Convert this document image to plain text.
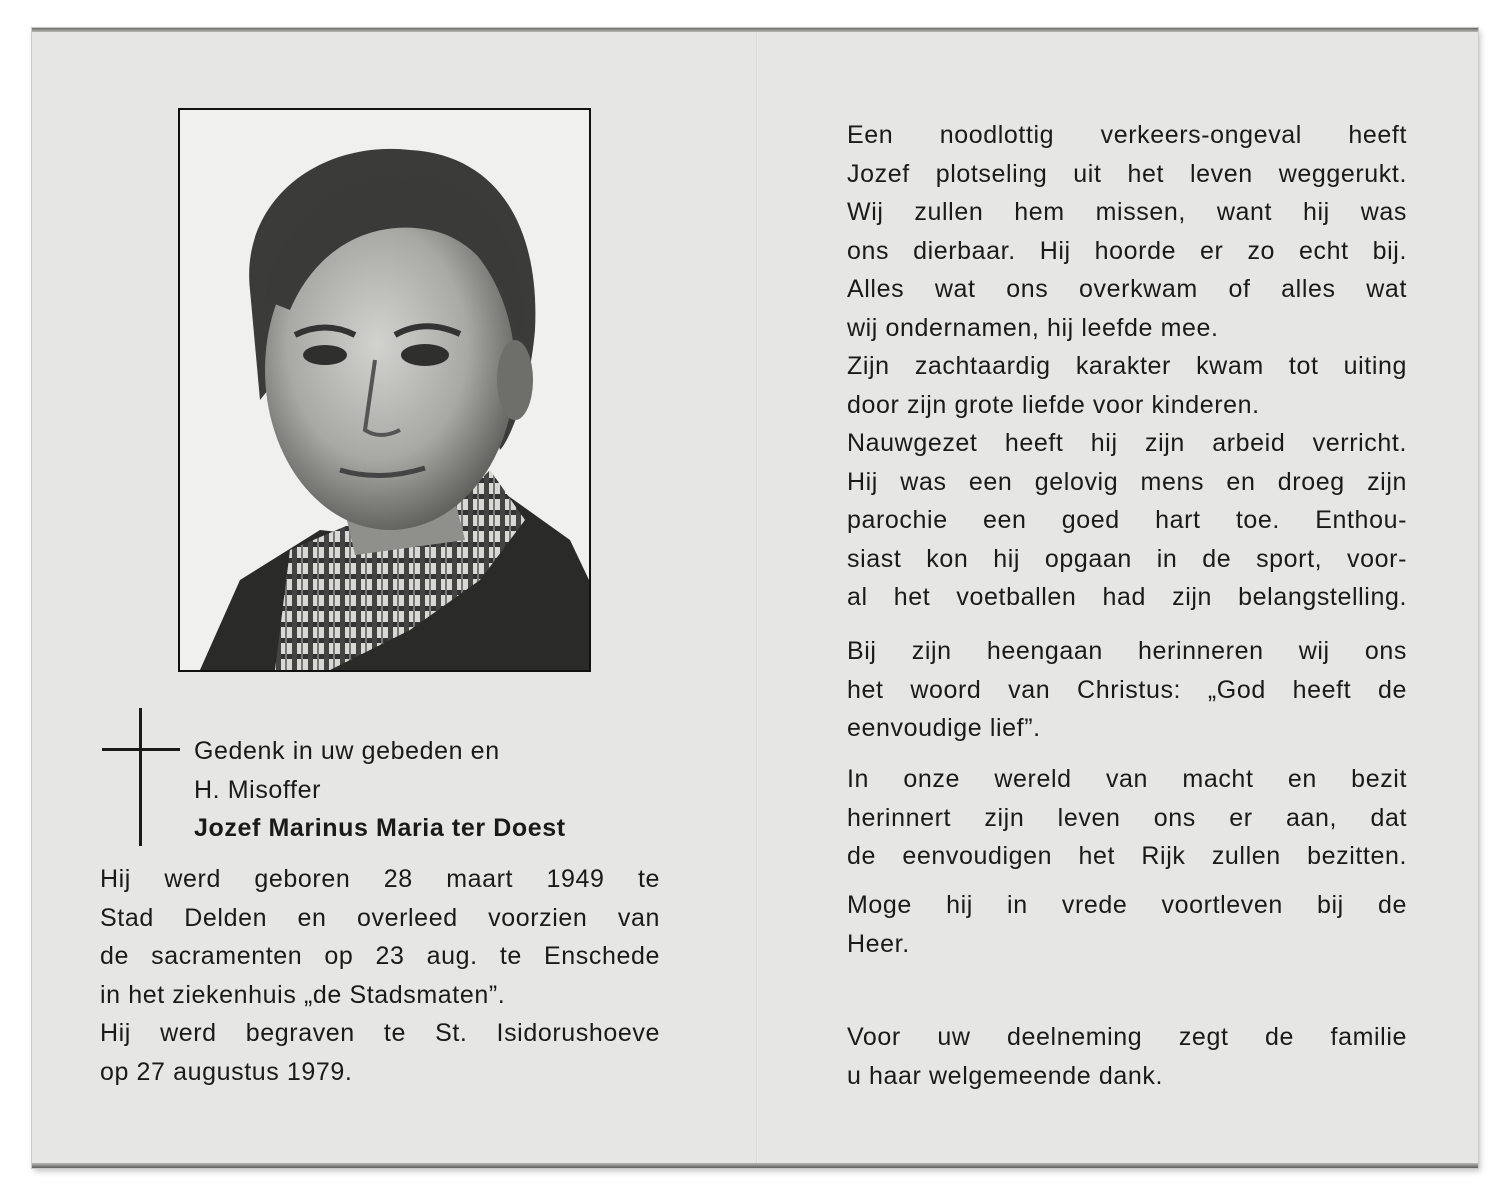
Gedenk in uw gebeden en
H. Misoffer
Jozef Marinus Maria ter Doest
Hij werd geboren 28 maart 1949 te
Stad Delden en overleed voorzien van
de sacramenten op 23 aug. te Enschede
in het ziekenhuis „de Stadsmaten”.
Hij werd begraven te St. Isidorushoeve
op 27 augustus 1979.
Een noodlottig verkeers-ongeval heeft
Jozef plotseling uit het leven weggerukt.
Wij zullen hem missen, want hij was
ons dierbaar. Hij hoorde er zo echt bij.
Alles wat ons overkwam of alles wat
wij ondernamen, hij leefde mee.
Zijn zachtaardig karakter kwam tot uiting
door zijn grote liefde voor kinderen.
Nauwgezet heeft hij zijn arbeid verricht.
Hij was een gelovig mens en droeg zijn
parochie een goed hart toe. Enthou-
siast kon hij opgaan in de sport, voor-
al het voetballen had zijn belangstelling.
Bij zijn heengaan herinneren wij ons
het woord van Christus: „God heeft de
eenvoudige lief”.
In onze wereld van macht en bezit
herinnert zijn leven ons er aan, dat
de eenvoudigen het Rijk zullen bezitten.
Moge hij in vrede voortleven bij de
Heer.
Voor uw deelneming zegt de familie
u haar welgemeende dank.
